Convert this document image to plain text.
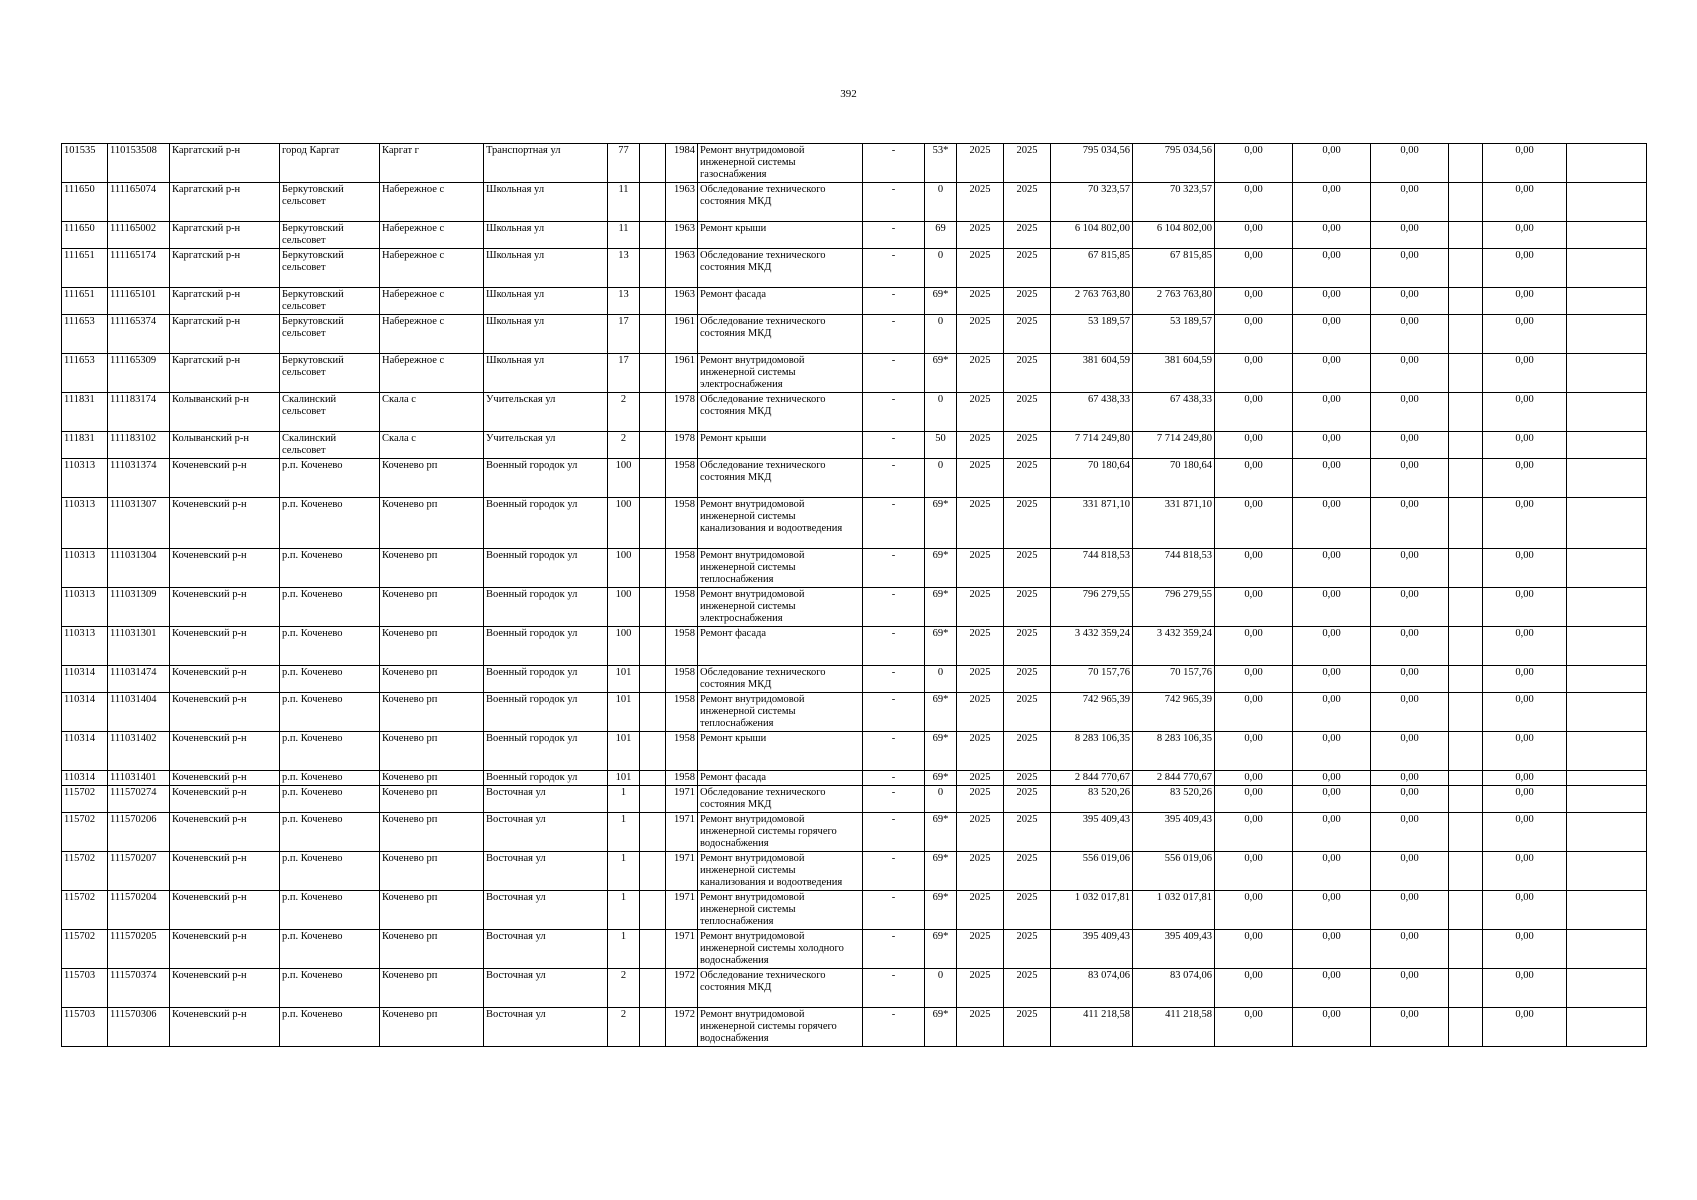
392
101535	110153508	Каргатский р-н	город Каргат	Каргат г	Транспортная ул	77		1984	Ремонт внутридомовой инженерной системы газоснабжения	-	53*	2025	2025	795 034,56	795 034,56	0,00	0,00	0,00		0,00	
111650	111165074	Каргатский р-н	Беркутовский сельсовет	Набережное с	Школьная ул	11		1963	Обследование технического состояния МКД	-	0	2025	2025	70 323,57	70 323,57	0,00	0,00	0,00		0,00	
111650	111165002	Каргатский р-н	Беркутовский сельсовет	Набережное с	Школьная ул	11		1963	Ремонт крыши	-	69	2025	2025	6 104 802,00	6 104 802,00	0,00	0,00	0,00		0,00	
111651	111165174	Каргатский р-н	Беркутовский сельсовет	Набережное с	Школьная ул	13		1963	Обследование технического состояния МКД	-	0	2025	2025	67 815,85	67 815,85	0,00	0,00	0,00		0,00	
111651	111165101	Каргатский р-н	Беркутовский сельсовет	Набережное с	Школьная ул	13		1963	Ремонт фасада	-	69*	2025	2025	2 763 763,80	2 763 763,80	0,00	0,00	0,00		0,00	
111653	111165374	Каргатский р-н	Беркутовский сельсовет	Набережное с	Школьная ул	17		1961	Обследование технического состояния МКД	-	0	2025	2025	53 189,57	53 189,57	0,00	0,00	0,00		0,00	
111653	111165309	Каргатский р-н	Беркутовский сельсовет	Набережное с	Школьная ул	17		1961	Ремонт внутридомовой инженерной системы электроснабжения	-	69*	2025	2025	381 604,59	381 604,59	0,00	0,00	0,00		0,00	
111831	111183174	Колыванский р-н	Скалинский сельсовет	Скала с	Учительская ул	2		1978	Обследование технического состояния МКД	-	0	2025	2025	67 438,33	67 438,33	0,00	0,00	0,00		0,00	
111831	111183102	Колыванский р-н	Скалинский сельсовет	Скала с	Учительская ул	2		1978	Ремонт крыши	-	50	2025	2025	7 714 249,80	7 714 249,80	0,00	0,00	0,00		0,00	
110313	111031374	Коченевский р-н	р.п. Коченево	Коченево рп	Военный городок ул	100		1958	Обследование технического состояния МКД	-	0	2025	2025	70 180,64	70 180,64	0,00	0,00	0,00		0,00	
110313	111031307	Коченевский р-н	р.п. Коченево	Коченево рп	Военный городок ул	100		1958	Ремонт внутридомовой инженерной системы канализования и водоотведения	-	69*	2025	2025	331 871,10	331 871,10	0,00	0,00	0,00		0,00	
110313	111031304	Коченевский р-н	р.п. Коченево	Коченево рп	Военный городок ул	100		1958	Ремонт внутридомовой инженерной системы теплоснабжения	-	69*	2025	2025	744 818,53	744 818,53	0,00	0,00	0,00		0,00	
110313	111031309	Коченевский р-н	р.п. Коченево	Коченево рп	Военный городок ул	100		1958	Ремонт внутридомовой инженерной системы электроснабжения	-	69*	2025	2025	796 279,55	796 279,55	0,00	0,00	0,00		0,00	
110313	111031301	Коченевский р-н	р.п. Коченево	Коченево рп	Военный городок ул	100		1958	Ремонт фасада	-	69*	2025	2025	3 432 359,24	3 432 359,24	0,00	0,00	0,00		0,00	
110314	111031474	Коченевский р-н	р.п. Коченево	Коченево рп	Военный городок ул	101		1958	Обследование технического состояния МКД	-	0	2025	2025	70 157,76	70 157,76	0,00	0,00	0,00		0,00	
110314	111031404	Коченевский р-н	р.п. Коченево	Коченево рп	Военный городок ул	101		1958	Ремонт внутридомовой инженерной системы теплоснабжения	-	69*	2025	2025	742 965,39	742 965,39	0,00	0,00	0,00		0,00	
110314	111031402	Коченевский р-н	р.п. Коченево	Коченево рп	Военный городок ул	101		1958	Ремонт крыши	-	69*	2025	2025	8 283 106,35	8 283 106,35	0,00	0,00	0,00		0,00	
110314	111031401	Коченевский р-н	р.п. Коченево	Коченево рп	Военный городок ул	101		1958	Ремонт фасада	-	69*	2025	2025	2 844 770,67	2 844 770,67	0,00	0,00	0,00		0,00	
115702	111570274	Коченевский р-н	р.п. Коченево	Коченево рп	Восточная ул	1		1971	Обследование технического состояния МКД	-	0	2025	2025	83 520,26	83 520,26	0,00	0,00	0,00		0,00	
115702	111570206	Коченевский р-н	р.п. Коченево	Коченево рп	Восточная ул	1		1971	Ремонт внутридомовой инженерной системы горячего водоснабжения	-	69*	2025	2025	395 409,43	395 409,43	0,00	0,00	0,00		0,00	
115702	111570207	Коченевский р-н	р.п. Коченево	Коченево рп	Восточная ул	1		1971	Ремонт внутридомовой инженерной системы канализования и водоотведения	-	69*	2025	2025	556 019,06	556 019,06	0,00	0,00	0,00		0,00	
115702	111570204	Коченевский р-н	р.п. Коченево	Коченево рп	Восточная ул	1		1971	Ремонт внутридомовой инженерной системы теплоснабжения	-	69*	2025	2025	1 032 017,81	1 032 017,81	0,00	0,00	0,00		0,00	
115702	111570205	Коченевский р-н	р.п. Коченево	Коченево рп	Восточная ул	1		1971	Ремонт внутридомовой инженерной системы холодного водоснабжения	-	69*	2025	2025	395 409,43	395 409,43	0,00	0,00	0,00		0,00	
115703	111570374	Коченевский р-н	р.п. Коченево	Коченево рп	Восточная ул	2		1972	Обследование технического состояния МКД	-	0	2025	2025	83 074,06	83 074,06	0,00	0,00	0,00		0,00	
115703	111570306	Коченевский р-н	р.п. Коченево	Коченево рп	Восточная ул	2		1972	Ремонт внутридомовой инженерной системы горячего водоснабжения	-	69*	2025	2025	411 218,58	411 218,58	0,00	0,00	0,00		0,00	
